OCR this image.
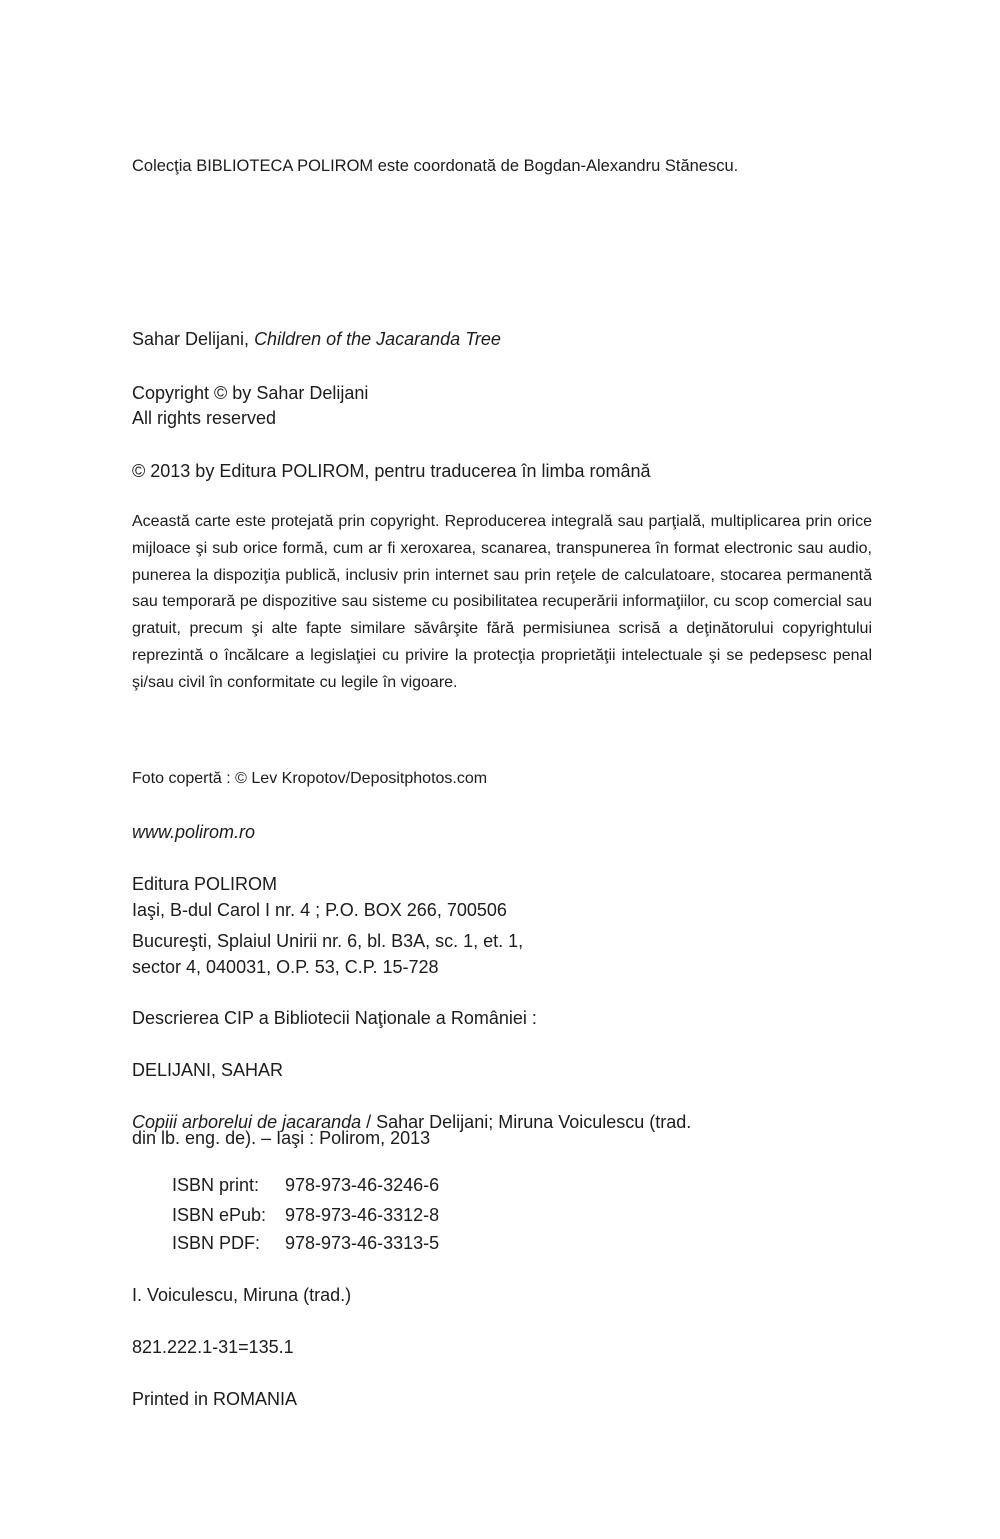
Colecţia BIBLIOTECA POLIROM este coordonată de Bogdan-Alexandru Stănescu.
Sahar Delijani, Children of the Jacaranda Tree
Copyright © by Sahar Delijani
All rights reserved
© 2013 by Editura POLIROM, pentru traducerea în limba română
Această carte este protejată prin copyright. Reproducerea integrală sau parţială, multiplicarea prin orice mijloace şi sub orice formă, cum ar fi xeroxarea, scanarea, transpunerea în format electronic sau audio, punerea la dispoziţia publică, inclusiv prin internet sau prin reţele de calculatoare, stocarea permanentă sau temporară pe dispozitive sau sisteme cu posibilitatea recuperării informaţiilor, cu scop comercial sau gratuit, precum şi alte fapte similare săvârşite fără permisiunea scrisă a deţinătorului copyrightului reprezintă o încălcare a legislaţiei cu privire la protecţia proprietăţii intelectuale şi se pedepsesc penal şi/sau civil în conformitate cu legile în vigoare.
Foto copertă : © Lev Kropotov/Depositphotos.com
www.polirom.ro
Editura POLIROM
Iaşi, B-dul Carol I nr. 4 ; P.O. BOX 266, 700506
Bucureşti, Splaiul Unirii nr. 6, bl. B3A, sc. 1, et. 1,
sector 4, 040031, O.P. 53, C.P. 15-728
Descrierea CIP a Bibliotecii Naţionale a României :
DELIJANI, SAHAR
Copiii arborelui de jacaranda / Sahar Delijani; Miruna Voiculescu (trad.
din lb. eng. de). – Iaşi : Polirom, 2013
ISBN print: 978-973-46-3246-6
ISBN ePub: 978-973-46-3312-8
ISBN PDF: 978-973-46-3313-5
I. Voiculescu, Miruna (trad.)
821.222.1-31=135.1
Printed in ROMANIA
